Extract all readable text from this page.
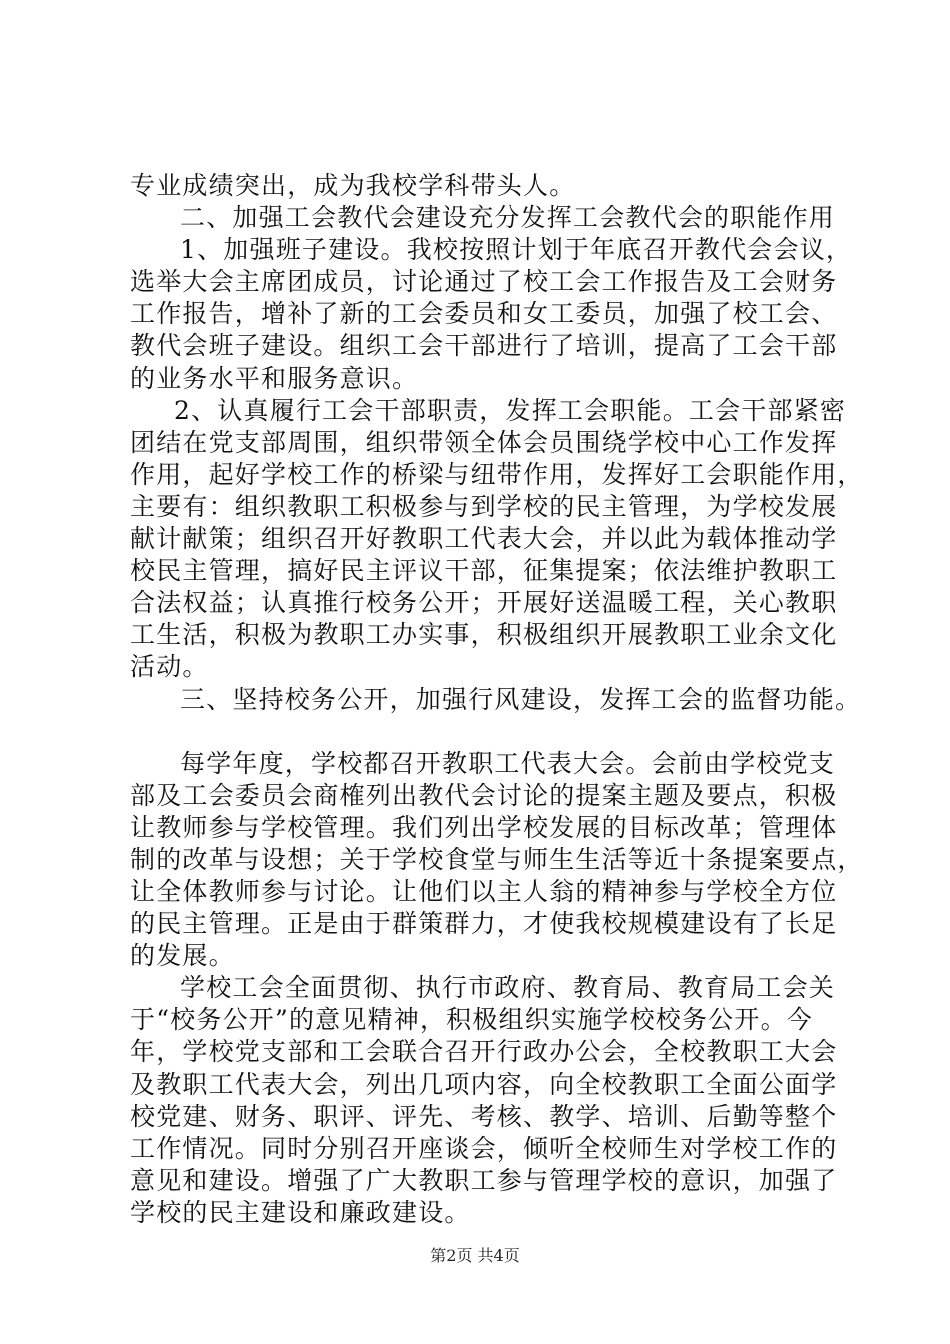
专业成绩突出，成为我校学科带头人。
二、加强工会教代会建设充分发挥工会教代会的职能作用
1、加强班子建设。我校按照计划于年底召开教代会会议，
选举大会主席团成员，讨论通过了校工会工作报告及工会财务
工作报告，增补了新的工会委员和女工委员，加强了校工会、
教代会班子建设。组织工会干部进行了培训，提高了工会干部
的业务水平和服务意识。
2、认真履行工会干部职责，发挥工会职能。工会干部紧密
团结在党支部周围，组织带领全体会员围绕学校中心工作发挥
作用，起好学校工作的桥梁与纽带作用，发挥好工会职能作用，
主要有：组织教职工积极参与到学校的民主管理，为学校发展
献计献策；组织召开好教职工代表大会，并以此为载体推动学
校民主管理，搞好民主评议干部，征集提案；依法维护教职工
合法权益；认真推行校务公开；开展好送温暖工程，关心教职
工生活，积极为教职工办实事，积极组织开展教职工业余文化
活动。
三、坚持校务公开，加强行风建设，发挥工会的监督功能。
每学年度，学校都召开教职工代表大会。会前由学校党支
部及工会委员会商榷列出教代会讨论的提案主题及要点，积极
让教师参与学校管理。我们列出学校发展的目标改革；管理体
制的改革与设想；关于学校食堂与师生生活等近十条提案要点，
让全体教师参与讨论。让他们以主人翁的精神参与学校全方位
的民主管理。正是由于群策群力，才使我校规模建设有了长足
的发展。
学校工会全面贯彻、执行市政府、教育局、教育局工会关
于“校务公开”的意见精神，积极组织实施学校校务公开。今
年，学校党支部和工会联合召开行政办公会，全校教职工大会
及教职工代表大会，列出几项内容，向全校教职工全面公面学
校党建、财务、职评、评先、考核、教学、培训、后勤等整个
工作情况。同时分别召开座谈会，倾听全校师生对学校工作的
意见和建设。增强了广大教职工参与管理学校的意识，加强了
学校的民主建设和廉政建设。
第2页 共4页
